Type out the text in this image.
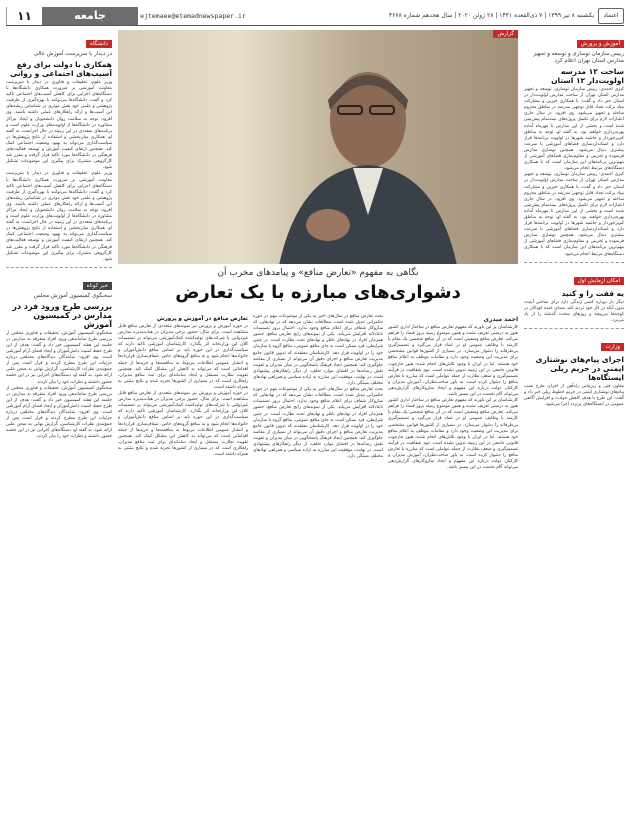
اعتماد
یکشنبه ۸ تیر ۱۳۹۹ | ۷ ذی‌القعده ۱۴۴۱ | ۲۸ ژوئن ۲۰۲۰ | سال هجدهم شماره ۴۶۷۸
ejtemaee@etemadnewspaper.ir
جامعه
۱۱
آموزش و پرورش
رییس سازمان نوسازی و توسعه و تجهیز مدارس استان تهران اعلام کرد
ساخت ۱۲ مدرسه اولویت‌دار ۱۲ استان
کبری احمدی: رییس سازمان نوسازی، توسعه و تجهیز مدارس استان تهران از ساخت مدارس اولویت‌دار در استان خبر داد و گفت: با همکاری خیرین و مشارکت بنیاد برکت تعداد قابل توجهی مدرسه در مناطق محروم ساخته و تجهیز می‌شود. وی افزود: در سال جاری اعتبارات لازم برای تکمیل پروژه‌های نیمه‌تمام پیش‌بینی شده است و بخشی از این مدارس تا مهرماه آماده بهره‌برداری خواهند بود. به گفته او، توجه به مناطق کم‌برخوردار و حاشیه شهرها در اولویت برنامه‌ها قرار دارد و استانداردسازی فضاهای آموزشی با سرعت بیشتری دنبال می‌شود. همچنین نوسازی مدارس فرسوده و تخریبی و مقاوم‌سازی فضاهای آموزشی از مهم‌ترین برنامه‌های این سازمان است که با همکاری دستگاه‌های مرتبط انجام می‌شود.
کبری احمدی: رییس سازمان نوسازی، توسعه و تجهیز مدارس استان تهران از ساخت مدارس اولویت‌دار در استان خبر داد و گفت: با همکاری خیرین و مشارکت بنیاد برکت تعداد قابل توجهی مدرسه در مناطق محروم ساخته و تجهیز می‌شود. وی افزود: در سال جاری اعتبارات لازم برای تکمیل پروژه‌های نیمه‌تمام پیش‌بینی شده است و بخشی از این مدارس تا مهرماه آماده بهره‌برداری خواهند بود. به گفته او، توجه به مناطق کم‌برخوردار و حاشیه شهرها در اولویت برنامه‌ها قرار دارد و استانداردسازی فضاهای آموزشی با سرعت بیشتری دنبال می‌شود. همچنین نوسازی مدارس فرسوده و تخریبی و مقاوم‌سازی فضاهای آموزشی از مهم‌ترین برنامه‌های این سازمان است که با همکاری دستگاه‌های مرتبط انجام می‌شود.
امکان ازمایش اول
یه قفت را و کنید
دیگر بار دوباره کسی زندگی دارد برای ساختن آینده، بدون آنکه در کار خود تردید کند. صدای خنده کودکان در کوچه‌ها می‌پیچد و روزهای سخت گذشته را از یاد می‌برد.
وزارت
اجرای پیام‌های نوشتاری ایمنی در حریم ریلی ایستگاه‌ها
معاون فنی و زیربنایی راه‌آهن از اجرای طرح نصب پیام‌های نوشتاری ایمنی در حریم خطوط ریلی خبر داد و گفت: این طرح با هدف کاهش حوادث و افزایش آگاهی عمومی در ایستگاه‌های پرتردد اجرا می‌شود.
دانشگاه
در دیدار با سرپرست آموزش عالی
همکاری با دولت برای رفع آسیب‌های اجتماعی و روانی
وزیر علوم، تحقیقات و فناوری در دیدار با سرپرست معاونت آموزشی بر ضرورت همکاری دانشگاه‌ها با دستگاه‌های اجرایی برای کاهش آسیب‌های اجتماعی تاکید کرد و گفت: دانشگاه‌ها می‌توانند با بهره‌گیری از ظرفیت پژوهشی و علمی خود نقش موثری در شناسایی ریشه‌های این آسیب‌ها و ارائه راهکارهای عملی داشته باشند. وی افزود: توجه به سلامت روان دانشجویان و ایجاد مراکز مشاوره در دانشگاه‌ها از اولویت‌های وزارت علوم است و برنامه‌های متعددی در این زمینه در حال اجراست. به گفته او، همکاری میان‌بخشی و استفاده از نتایج پژوهش‌ها در سیاست‌گذاری می‌تواند به بهبود وضعیت اجتماعی کمک کند. همچنین ارتقای کیفیت آموزش و توسعه فعالیت‌های فرهنگی در دانشگاه‌ها مورد تاکید قرار گرفت و مقرر شد کارگروهی مشترک برای پیگیری این موضوعات تشکیل شود.
وزیر علوم، تحقیقات و فناوری در دیدار با سرپرست معاونت آموزشی بر ضرورت همکاری دانشگاه‌ها با دستگاه‌های اجرایی برای کاهش آسیب‌های اجتماعی تاکید کرد و گفت: دانشگاه‌ها می‌توانند با بهره‌گیری از ظرفیت پژوهشی و علمی خود نقش موثری در شناسایی ریشه‌های این آسیب‌ها و ارائه راهکارهای عملی داشته باشند. وی افزود: توجه به سلامت روان دانشجویان و ایجاد مراکز مشاوره در دانشگاه‌ها از اولویت‌های وزارت علوم است و برنامه‌های متعددی در این زمینه در حال اجراست. به گفته او، همکاری میان‌بخشی و استفاده از نتایج پژوهش‌ها در سیاست‌گذاری می‌تواند به بهبود وضعیت اجتماعی کمک کند. همچنین ارتقای کیفیت آموزش و توسعه فعالیت‌های فرهنگی در دانشگاه‌ها مورد تاکید قرار گرفت و مقرر شد کارگروهی مشترک برای پیگیری این موضوعات تشکیل شود.
خبر کوتاه
سخنگوی کمیسیون آموزش مجلس
بررسی طرح ورود فرد در مدارس در کمیسیون آموزش
سخنگوی کمیسیون آموزش، تحقیقات و فناوری مجلس از بررسی طرح ساماندهی ورود افراد متفرقه به مدارس در جلسه این هفته کمیسیون خبر داد و گفت: هدف از این طرح حفظ امنیت دانش‌آموزان و ایجاد فضای آرام آموزشی است. وی افزود: نمایندگان دیدگاه‌های مختلفی درباره جزئیات این طرح مطرح کردند و قرار است پس از جمع‌بندی نظرات کارشناسی، گزارش نهایی به صحن علنی ارائه شود. به گفته او، دستگاه‌های اجرایی نیز در این جلسه حضور داشتند و نظرات خود را بیان کردند.
سخنگوی کمیسیون آموزش، تحقیقات و فناوری مجلس از بررسی طرح ساماندهی ورود افراد متفرقه به مدارس در جلسه این هفته کمیسیون خبر داد و گفت: هدف از این طرح حفظ امنیت دانش‌آموزان و ایجاد فضای آرام آموزشی است. وی افزود: نمایندگان دیدگاه‌های مختلفی درباره جزئیات این طرح مطرح کردند و قرار است پس از جمع‌بندی نظرات کارشناسی، گزارش نهایی به صحن علنی ارائه شود. به گفته او، دستگاه‌های اجرایی نیز در این جلسه حضور داشتند و نظرات خود را بیان کردند.
گزارش
نگاهی به مفهوم «تعارض منافع» و پیامدهای مخرب آن
دشواری‌های مبارزه با یک تعارض
احمد میدری
کارشناسان بر این باورند که مفهوم تعارض منافع در ساختار اداری کشور هنوز به درستی تعریف نشده و همین موضوع زمینه بروز فساد را فراهم می‌کند. تعارض منافع وضعیتی است که در آن منافع شخصی یک مقام یا کارمند با وظایف عمومی او در تضاد قرار می‌گیرد و تصمیم‌گیری بی‌طرفانه را دشوار می‌سازد. در بسیاری از کشورها قوانین مشخصی برای مدیریت این وضعیت وجود دارد و مقامات موظف به اعلام منافع خود هستند. اما در ایران با وجود تلاش‌های انجام شده، هنوز چارچوب قانونی جامعی در این زمینه تدوین نشده است. نبود شفافیت در فرآیند تصمیم‌گیری و ضعف نظارت از جمله عواملی است که مبارزه با تعارض منافع را دشوار کرده است. به باور صاحب‌نظران، آموزش مدیران و کارکنان دولت درباره این مفهوم و ایجاد سازوکارهای گزارش‌دهی می‌تواند گام نخست در این مسیر باشد.
کارشناسان بر این باورند که مفهوم تعارض منافع در ساختار اداری کشور هنوز به درستی تعریف نشده و همین موضوع زمینه بروز فساد را فراهم می‌کند. تعارض منافع وضعیتی است که در آن منافع شخصی یک مقام یا کارمند با وظایف عمومی او در تضاد قرار می‌گیرد و تصمیم‌گیری بی‌طرفانه را دشوار می‌سازد. در بسیاری از کشورها قوانین مشخصی برای مدیریت این وضعیت وجود دارد و مقامات موظف به اعلام منافع خود هستند. اما در ایران با وجود تلاش‌های انجام شده، هنوز چارچوب قانونی جامعی در این زمینه تدوین نشده است. نبود شفافیت در فرآیند تصمیم‌گیری و ضعف نظارت از جمله عواملی است که مبارزه با تعارض منافع را دشوار کرده است. به باور صاحب‌نظران، آموزش مدیران و کارکنان دولت درباره این مفهوم و ایجاد سازوکارهای گزارش‌دهی می‌تواند گام نخست در این مسیر باشد.
بحث تعارض منافع در سال‌های اخیر به یکی از موضوعات مهم در حوزه حکمرانی تبدیل شده است. مطالعات نشان می‌دهد که در نهادهایی که سازوکار شفاف برای اعلام منافع وجود ندارد، احتمال بروز تصمیمات ناعادلانه افزایش می‌یابد. یکی از نمونه‌های رایج تعارض منافع، حضور همزمان افراد در نهادهای ناظر و نهادهای تحت نظارت است. در چنین شرایطی، فرد ممکن است به جای منافع عمومی، منافع گروه یا سازمان خود را در اولویت قرار دهد. کارشناسان معتقدند که تدوین قانون جامع مدیریت تعارض منافع و اجرای دقیق آن می‌تواند از بسیاری از مفاسد جلوگیری کند. همچنین ایجاد فرهنگ پاسخگویی در میان مدیران و تقویت نقش رسانه‌ها در افشای موارد تخلف، از دیگر راهکارهای پیشنهادی است. در نهایت، موفقیت این مبارزه به اراده سیاسی و همراهی نهادهای مختلف بستگی دارد.
بحث تعارض منافع در سال‌های اخیر به یکی از موضوعات مهم در حوزه حکمرانی تبدیل شده است. مطالعات نشان می‌دهد که در نهادهایی که سازوکار شفاف برای اعلام منافع وجود ندارد، احتمال بروز تصمیمات ناعادلانه افزایش می‌یابد. یکی از نمونه‌های رایج تعارض منافع، حضور همزمان افراد در نهادهای ناظر و نهادهای تحت نظارت است. در چنین شرایطی، فرد ممکن است به جای منافع عمومی، منافع گروه یا سازمان خود را در اولویت قرار دهد. کارشناسان معتقدند که تدوین قانون جامع مدیریت تعارض منافع و اجرای دقیق آن می‌تواند از بسیاری از مفاسد جلوگیری کند. همچنین ایجاد فرهنگ پاسخگویی در میان مدیران و تقویت نقش رسانه‌ها در افشای موارد تخلف، از دیگر راهکارهای پیشنهادی است. در نهایت، موفقیت این مبارزه به اراده سیاسی و همراهی نهادهای مختلف بستگی دارد.
تعارض منافع در آموزش و پرورش
در حوزه آموزش و پرورش نیز نمونه‌های متعددی از تعارض منافع قابل مشاهده است. برای مثال، حضور برخی مدیران در هیات‌مدیره مدارس غیردولتی یا شرکت‌های تولیدکننده کمک‌آموزشی می‌تواند بر تصمیمات کلان این وزارتخانه اثر بگذارد. کارشناسان آموزشی تاکید دارند که سیاست‌گذاری در این حوزه باید بر اساس منافع دانش‌آموزان و خانواده‌ها انجام شود و نه منافع گروه‌های خاص. شفاف‌سازی قراردادها و انتشار عمومی اطلاعات مربوط به مناقصه‌ها و خریدها از جمله اقداماتی است که می‌تواند به کاهش این مشکل کمک کند. همچنین تقویت نظارت مستقل و ایجاد سامانه‌ای برای ثبت منافع مدیران، راهکاری است که در بسیاری از کشورها تجربه شده و نتایج مثبتی به همراه داشته است.
در حوزه آموزش و پرورش نیز نمونه‌های متعددی از تعارض منافع قابل مشاهده است. برای مثال، حضور برخی مدیران در هیات‌مدیره مدارس غیردولتی یا شرکت‌های تولیدکننده کمک‌آموزشی می‌تواند بر تصمیمات کلان این وزارتخانه اثر بگذارد. کارشناسان آموزشی تاکید دارند که سیاست‌گذاری در این حوزه باید بر اساس منافع دانش‌آموزان و خانواده‌ها انجام شود و نه منافع گروه‌های خاص. شفاف‌سازی قراردادها و انتشار عمومی اطلاعات مربوط به مناقصه‌ها و خریدها از جمله اقداماتی است که می‌تواند به کاهش این مشکل کمک کند. همچنین تقویت نظارت مستقل و ایجاد سامانه‌ای برای ثبت منافع مدیران، راهکاری است که در بسیاری از کشورها تجربه شده و نتایج مثبتی به همراه داشته است.
